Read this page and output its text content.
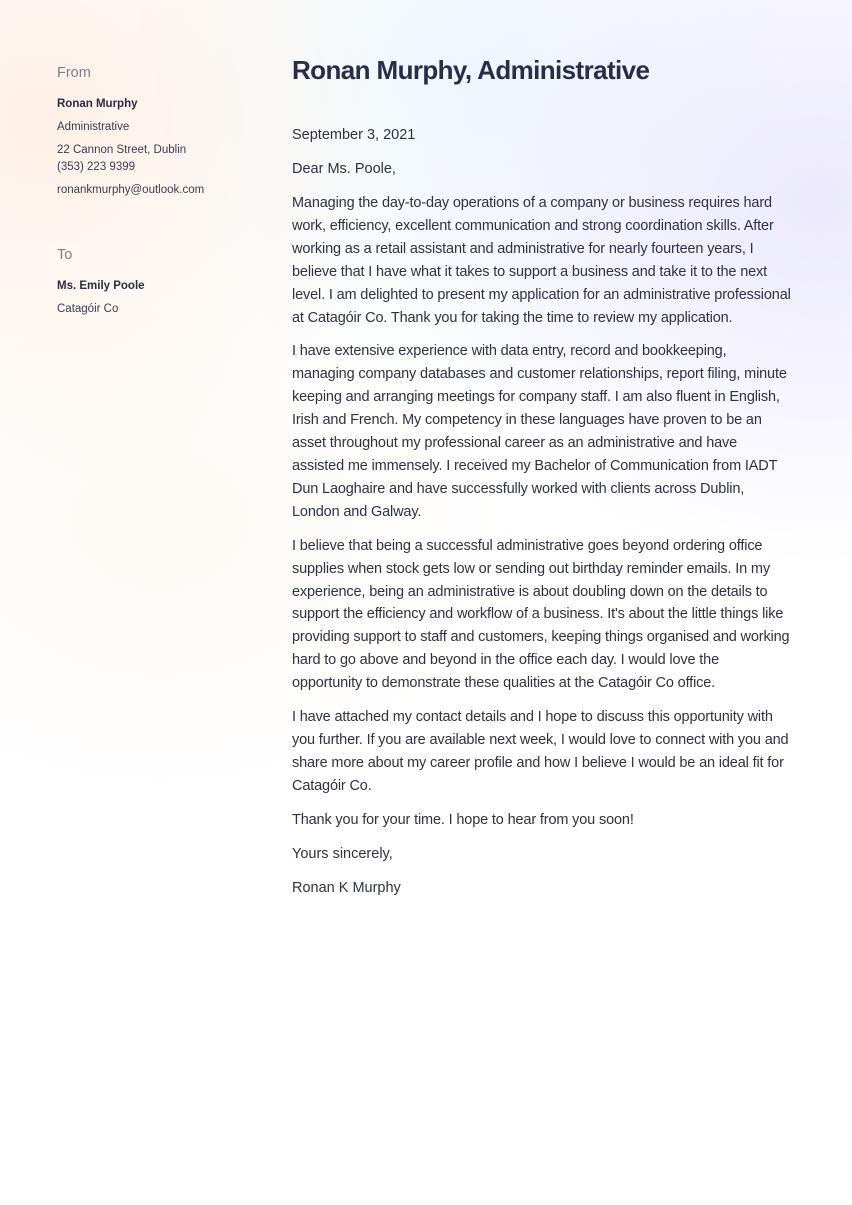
From
Ronan Murphy
Administrative
22 Cannon Street, Dublin
(353) 223 9399
ronankmurphy@outlook.com
To
Ms. Emily Poole
Catagóir Co
Ronan Murphy, Administrative
September 3, 2021
Dear Ms. Poole,
Managing the day-to-day operations of a company or business requires hard work, efficiency, excellent communication and strong coordination skills. After working as a retail assistant and administrative for nearly fourteen years, I believe that I have what it takes to support a business and take it to the next level. I am delighted to present my application for an administrative professional at Catagóir Co. Thank you for taking the time to review my application.
I have extensive experience with data entry, record and bookkeeping, managing company databases and customer relationships, report filing, minute keeping and arranging meetings for company staff. I am also fluent in English, Irish and French. My competency in these languages have proven to be an asset throughout my professional career as an administrative and have assisted me immensely. I received my Bachelor of Communication from IADT Dun Laoghaire and have successfully worked with clients across Dublin, London and Galway.
I believe that being a successful administrative goes beyond ordering office supplies when stock gets low or sending out birthday reminder emails. In my experience, being an administrative is about doubling down on the details to support the efficiency and workflow of a business. It's about the little things like providing support to staff and customers, keeping things organised and working hard to go above and beyond in the office each day. I would love the opportunity to demonstrate these qualities at the Catagóir Co office.
I have attached my contact details and I hope to discuss this opportunity with you further. If you are available next week, I would love to connect with you and share more about my career profile and how I believe I would be an ideal fit for Catagóir Co.
Thank you for your time. I hope to hear from you soon!
Yours sincerely,
Ronan K Murphy
